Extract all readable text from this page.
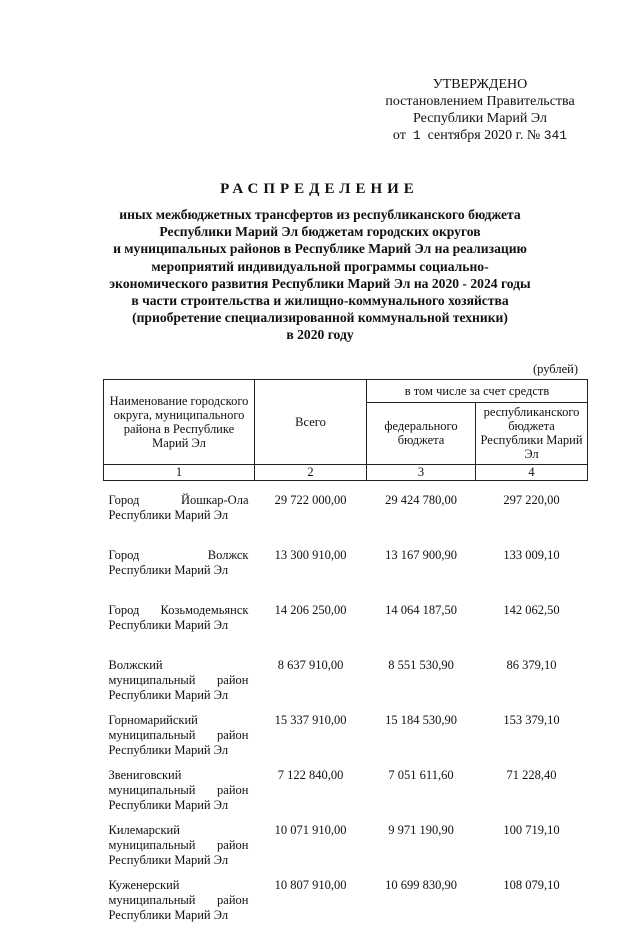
УТВЕРЖДЕНО
постановлением Правительства
Республики Марий Эл
от 1 сентября 2020 г. № 341
РАСПРЕДЕЛЕНИЕ
иных межбюджетных трансфертов из республиканского бюджета
Республики Марий Эл бюджетам городских округов
и муниципальных районов в Республике Марий Эл на реализацию
мероприятий индивидуальной программы социально-
экономического развития Республики Марий Эл на 2020 - 2024 годы
в части строительства и жилищно-коммунального хозяйства
(приобретение специализированной коммунальной техники)
в 2020 году
(рублей)
Наименование городского округа, муниципального района в Республике Марий Эл	Всего	в том числе за счет средств	
		федерального бюджета	республиканского бюджета Республики Марий Эл
1	2	3	4
Город Йошкар-Ола Республики Марий Эл	29 722 000,00	29 424 780,00	297 220,00
Город Волжск Республики Марий Эл	13 300 910,00	13 167 900,90	133 009,10
Город Козьмодемьянск Республики Марий Эл	14 206 250,00	14 064 187,50	142 062,50
Волжский муниципальный район Республики Марий Эл	8 637 910,00	8 551 530,90	86 379,10
Горномарийский муниципальный район Республики Марий Эл	15 337 910,00	15 184 530,90	153 379,10
Звениговский муниципальный район Республики Марий Эл	7 122 840,00	7 051 611,60	71 228,40
Килемарский муниципальный район Республики Марий Эл	10 071 910,00	9 971 190,90	100 719,10
Куженерский муниципальный район Республики Марий Эл	10 807 910,00	10 699 830,90	108 079,10
